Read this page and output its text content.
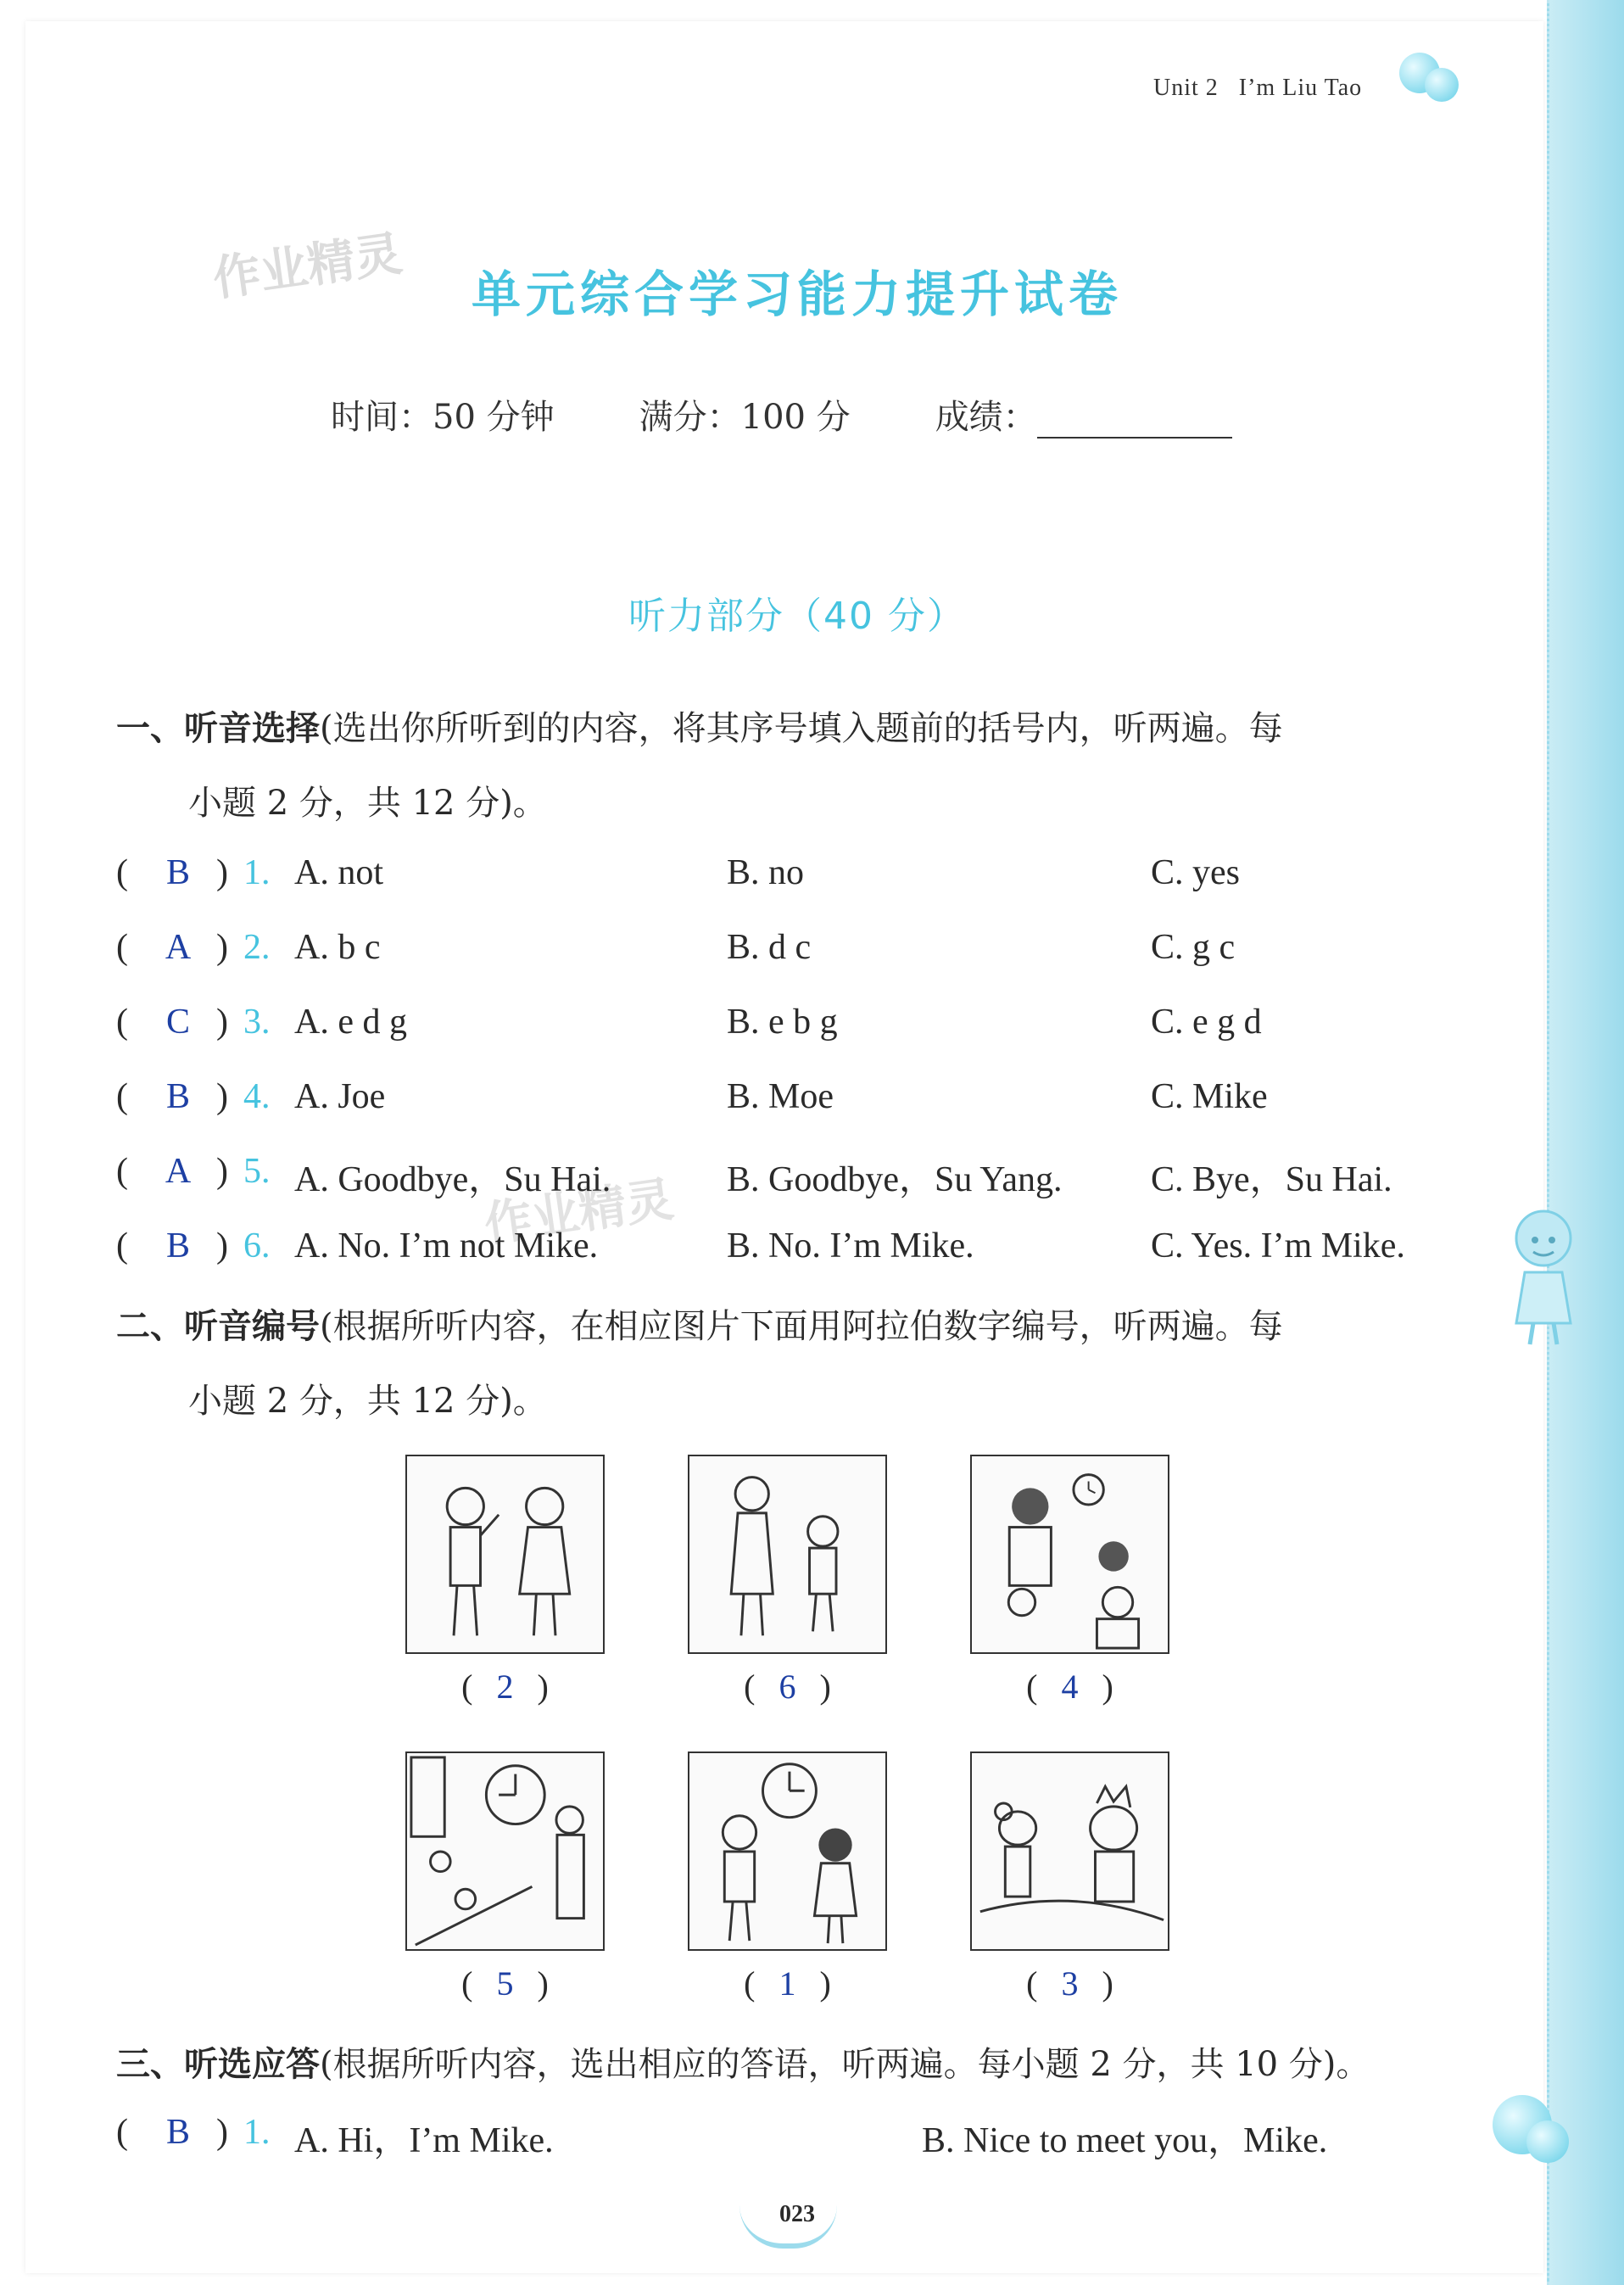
Unit 2 I’m Liu Tao
作业精灵
作业精灵
单元综合学习能力提升试卷
时间：50 分钟	满分：100 分	成绩：
听力部分（40 分）
一、听音选择(选出你所听到的内容，将其序号填入题前的括号内，听两遍。每
小题 2 分，共 12 分)。
( B ) 1. A. not	B. no	C. yes
( A ) 2. A. b c	B. d c	C. g c
( C ) 3. A. e d g	B. e b g	C. e g d
( B ) 4. A. Joe	B. Moe	C. Mike
( A ) 5. A. Goodbye，Su Hai.	B. Goodbye，Su Yang. C. Bye，Su Hai.
( B ) 6. A. No. I’m not Mike.	B. No. I’m Mike.	C. Yes. I’m Mike.
二、听音编号(根据所听内容，在相应图片下面用阿拉伯数字编号，听两遍。每
小题 2 分，共 12 分)。
( 2 )	( 6 )	( 4 )
( 5 )	( 1 )	( 3 )
三、听选应答(根据所听内容，选出相应的答语，听两遍。每小题 2 分，共 10 分)。
( B ) 1. A. Hi，I’m Mike.	B. Nice to meet you，Mike.
023
